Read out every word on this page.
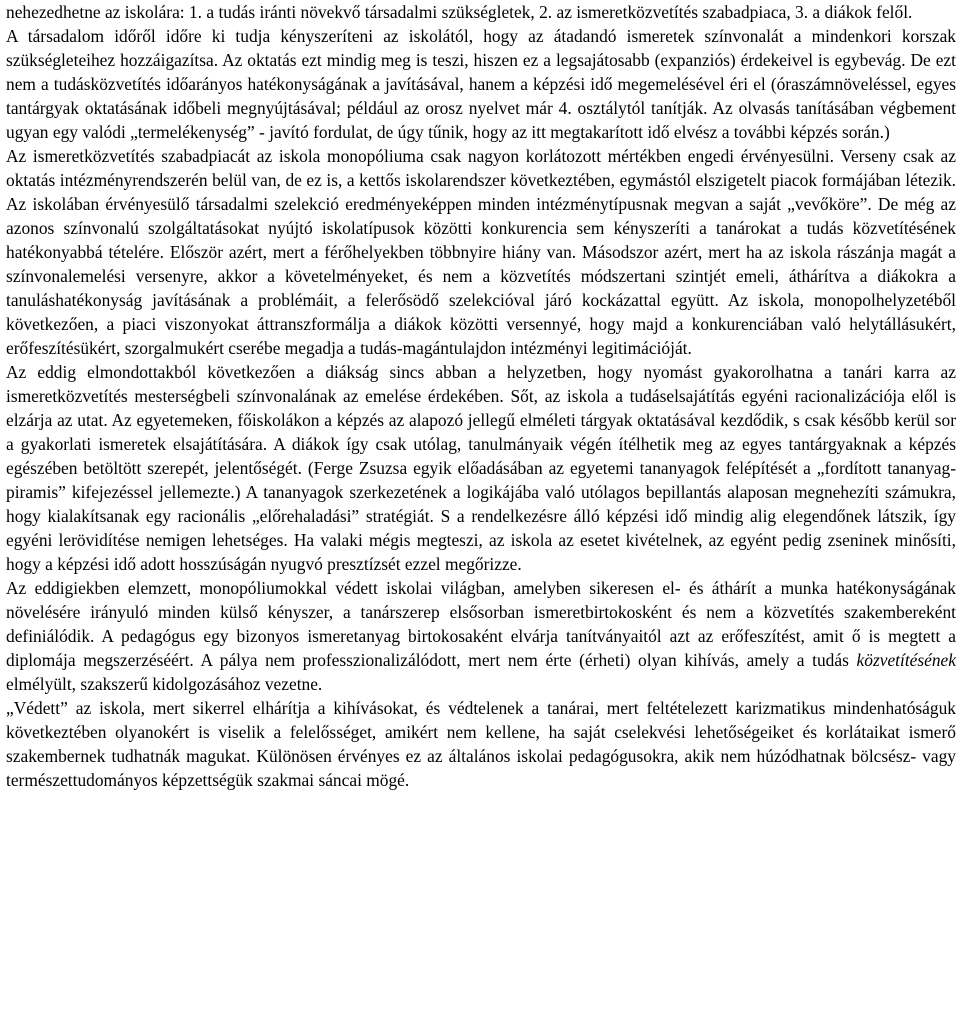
nehezedhetne az iskolára: 1. a tudás iránti növekvő társadalmi szükségletek, 2. az ismeretközvetítés szabadpiaca, 3. a diákok felől.

A társadalom időről időre ki tudja kényszeríteni az iskolától, hogy az átadandó ismeretek színvonalát a mindenkori korszak szükségleteihez hozzáigazítsa. Az oktatás ezt mindig meg is teszi, hiszen ez a legsajátosabb (expanziós) érdekeivel is egybevág. De ezt nem a tudásközvetítés időarányos hatékonyságának a javításával, hanem a képzési idő megemelésével éri el (óraszámnöveléssel, egyes tantárgyak oktatásának időbeli megnyújtásával; például az orosz nyelvet már 4. osztálytól tanítják. Az olvasás tanításában végbement ugyan egy valódi „termelékenység” - javító fordulat, de úgy tűnik, hogy az itt megtakarított idő elvész a további képzés során.)

Az ismeretközvetítés szabadpiacát az iskola monopóliuma csak nagyon korlátozott mértékben engedi érvényesülni. Verseny csak az oktatás intézményrendszerén belül van, de ez is, a kettős iskolarendszer következtében, egymástól elszigetelt piacok formájában létezik. Az iskolában érvényesülő társadalmi szelekció eredményeképpen minden intézménytípusnak megvan a saját „vevőköre”. De még az azonos színvonalú szolgáltatásokat nyújtó iskolatípusok közötti konkurencia sem kényszeríti a tanárokat a tudás közvetítésének hatékonyabbá tételére. Először azért, mert a férőhelyekben többnyire hiány van. Másodszor azért, mert ha az iskola rászánja magát a színvonalemelési versenyre, akkor a követelményeket, és nem a közvetítés módszertani szintjét emeli, áthárítva a diákokra a tanuláshatékonyság javításának a problémáit, a felerősödő szelekcióval járó kockázattal együtt. Az iskola, monopolhelyzetéből következően, a piaci viszonyokat áttranszformálja a diákok közötti versennyé, hogy majd a konkurenciában való helytállásukért, erőfeszítésükért, szorgalmukért cserébe megadja a tudás-magántulajdon intézményi legitimációját.

Az eddig elmondottakból következően a diákság sincs abban a helyzetben, hogy nyomást gyakorolhatna a tanári karra az ismeretközvetítés mesterségbeli színvonalának az emelése érdekében. Sőt, az iskola a tudáselsajátítás egyéni racionalizációja elől is elzárja az utat. Az egyetemeken, főiskolákon a képzés az alapozó jellegű elméleti tárgyak oktatásával kezdődik, s csak később kerül sor a gyakorlati ismeretek elsajátítására. A diákok így csak utólag, tanulmányaik végén ítélhetik meg az egyes tantárgyaknak a képzés egészében betöltött szerepét, jelentőségét. (Ferge Zsuzsa egyik előadásában az egyetemi tananyagok felépítését a „fordított tananyag-piramis” kifejezéssel jellemezte.) A tananyagok szerkezetének a logikájába való utólagos bepillantás alaposan megnehezíti számukra, hogy kialakítsanak egy racionális „előrehaladási” stratégiát. S a rendelkezésre álló képzési idő mindig alig elegendőnek látszik, így egyéni lerövidítése nemigen lehetséges. Ha valaki mégis megteszi, az iskola az esetet kivételnek, az egyént pedig zseninek minősíti, hogy a képzési idő adott hosszúságán nyugvó presztízsét ezzel megőrizze.

Az eddigiekben elemzett, monopóliumokkal védett iskolai világban, amelyben sikeresen el- és áthárít a munka hatékonyságának növelésére irányuló minden külső kényszer, a tanárszerep elsősorban ismeretbirtokosként és nem a közvetítés szakembereként definiálódik. A pedagógus egy bizonyos ismeretanyag birtokosaként elvárja tanítványaitól azt az erőfeszítést, amit ő is megtett a diplomája megszerzéséért. A pálya nem professzionalizálódott, mert nem érte (érheti) olyan kihívás, amely a tudás közvetítésének elmélyült, szakszerű kidolgozásához vezetne.

„Védett” az iskola, mert sikerrel elhárítja a kihívásokat, és védtelenek a tanárai, mert feltételezett karizmatikus mindenhatóságuk következtében olyanokért is viselik a felelősséget, amikért nem kellene, ha saját cselekvési lehetőségeiket és korlátaikat ismerő szakembernek tudhatnák magukat. Különösen érvényes ez az általános iskolai pedagógusokra, akik nem húzódhatnak bölcsész- vagy természettudományos képzettségük szakmai sáncai mögé.
